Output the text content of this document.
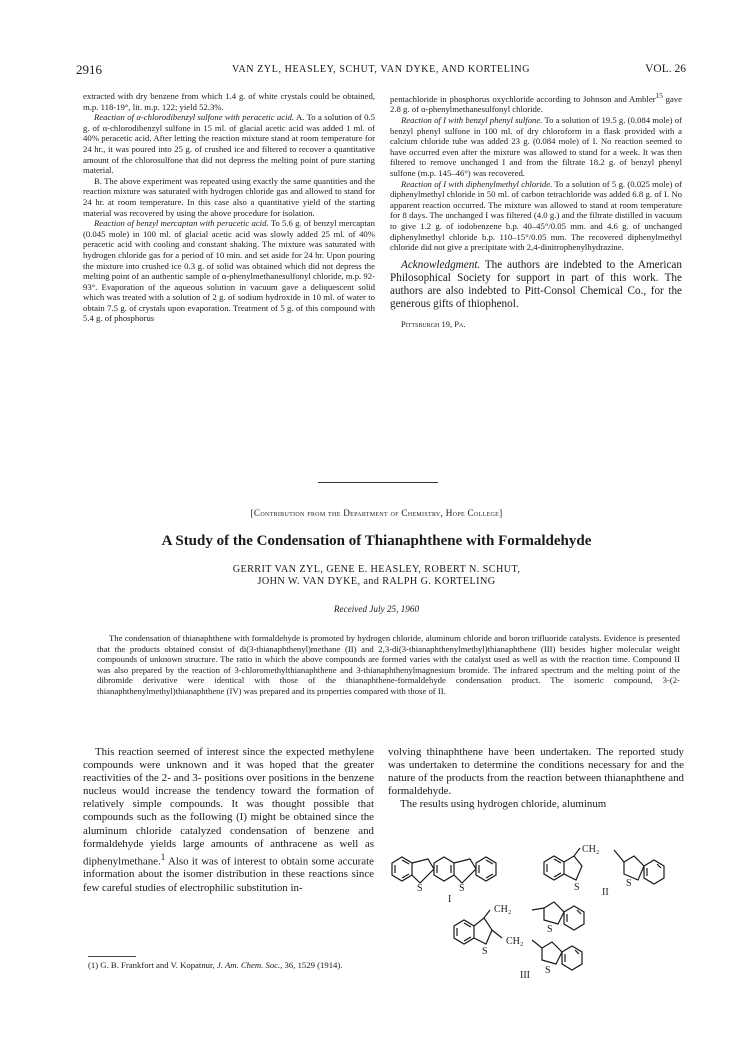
2916	VAN ZYL, HEASLEY, SCHUT, VAN DYKE, AND KORTELING	VOL. 26

extracted with dry benzene from which 1.4 g. of white crystals could be obtained, m.p. 118-19°, lit. m.p. 122; yield 52.3%.

Reaction of α-chlorodibenzyl sulfone with peracetic acid. A. To a solution of 0.5 g. of α-chlorodibenzyl sulfone in 15 ml. of glacial acetic acid was added 1 ml. of 40% peracetic acid. After letting the reaction mixture stand at room temperature for 24 hr., it was poured into 25 g. of crushed ice and filtered to recover a quantitative amount of the chlorosulfone that did not depress the melting point of pure starting material.

B. The above experiment was repeated using exactly the same quantities and the reaction mixture was saturated with hydrogen chloride gas and allowed to stand for 24 hr. at room temperature. In this case also a quantitative yield of the starting material was recovered by using the above procedure for isolation.

Reaction of benzyl mercaptan with peracetic acid. To 5.6 g. of benzyl mercaptan (0.045 mole) in 100 ml. of glacial acetic acid was slowly added 25 ml. of 40% peracetic acid with cooling and constant shaking. The mixture was saturated with hydrogen chloride gas for a period of 10 min. and set aside for 24 hr. Upon pouring the mixture into crushed ice 0.3 g. of solid was obtained which did not depress the melting point of an authentic sample of α-phenylmethanesulfonyl chloride, m.p. 92-93°. Evaporation of the aqueous solution in vacuum gave a deliquescent solid which was treated with a solution of 2 g. of sodium hydroxide in 10 ml. of water to obtain 7.5 g. of crystals upon evaporation. Treatment of 5 g. of this compound with 5.4 g. of phosphorus

pentachloride in phosphorus oxychloride according to Johnson and Ambler$^{15}$ gave 2.8 g. of α-phenylmethanesulfonyl chloride.

Reaction of I with benzyl phenyl sulfone. To a solution of 19.5 g. (0.084 mole) of benzyl phenyl sulfone in 100 ml. of dry chloroform in a flask provided with a calcium chloride tube was added 23 g. (0.084 mole) of I. No reaction seemed to have occurred even after the mixture was allowed to stand for a week. It was then filtered to remove unchanged I and from the filtrate 18.2 g. of benzyl phenyl sulfone (m.p. 145–46°) was recovered.

Reaction of I with diphenylmethyl chloride. To a solution of 5 g. (0.025 mole) of diphenylmethyl chloride in 50 ml. of carbon tetrachloride was added 6.8 g. of I. No apparent reaction occurred. The mixture was allowed to stand at room temperature for 8 days. The unchanged I was filtered (4.0 g.) and the filtrate distilled in vacuum to give 1.2 g. of iodobenzene b.p. 40–45°/0.05 mm. and 4.6 g. of unchanged diphenylmethyl chloride b.p. 110–15°/0.05 mm. The recovered diphenylmethyl chloride did not give a precipitate with 2,4-dinitrophenylhydrazine.

Acknowledgment. The authors are indebted to the American Philosophical Society for support in part of this work. The authors are also indebted to Pitt-Consol Chemical Co., for the generous gifts of thiophenol.

Pittsburgh 19, Pa.

[Contribution from the Department of Chemistry, Hope College]
A Study of the Condensation of Thianaphthene with Formaldehyde
GERRIT VAN ZYL, GENE E. HEASLEY, ROBERT N. SCHUT,
JOHN W. VAN DYKE, and RALPH G. KORTELING
Received July 25, 1960
The condensation of thianaphthene with formaldehyde is promoted by hydrogen chloride, aluminum chloride and boron trifluoride catalysts. Evidence is presented that the products obtained consist of di(3-thianaphthenyl)methane (II) and 2,3-di(3-thianaphthenylmethyl)thianaphthene (III) besides higher molecular weight compounds of unknown structure. The ratio in which the above compounds are formed varies with the catalyst used as well as with the reaction time. Compound II was also prepared by the reaction of 3-chloromethylthianaphthene and 3-thianaphthenylmagnesium bromide. The infrared spectrum and the melting point of the dibromide derivative were identical with those of the thianaphthene-formaldehyde condensation product. The isomeric compound, 3-(2-thianaphthenylmethyl)thianaphthene (IV) was prepared and its properties compared with those of II.

This reaction seemed of interest since the expected methylene compounds were unknown and it was hoped that the greater reactivities of the 2- and 3- positions over positions in the benzene nucleus would increase the tendency toward the formation of relatively simple compounds. It was thought possible that compounds such as the following (I) might be obtained since the aluminum chloride catalyzed condensation of benzene and formaldehyde yields large amounts of anthracene as well as diphenylmethane.$^1$ Also it was of interest to obtain some accurate information about the isomer distribution in these reactions since few careful studies of electrophilic substitution in-

volving thinaphthene have been undertaken. The reported study was undertaken to determine the conditions necessary for and the nature of the products from the reaction between thianaphthene and formaldehyde.

The results using hydrogen chloride, aluminum

(1) G. B. Frankfort and V. Kopatnur, J. Am. Chem. Soc., 36, 1529 (1914).
S	S
I
CH₂
S	S
II
CH₂
CH₂
S
S
S
III
